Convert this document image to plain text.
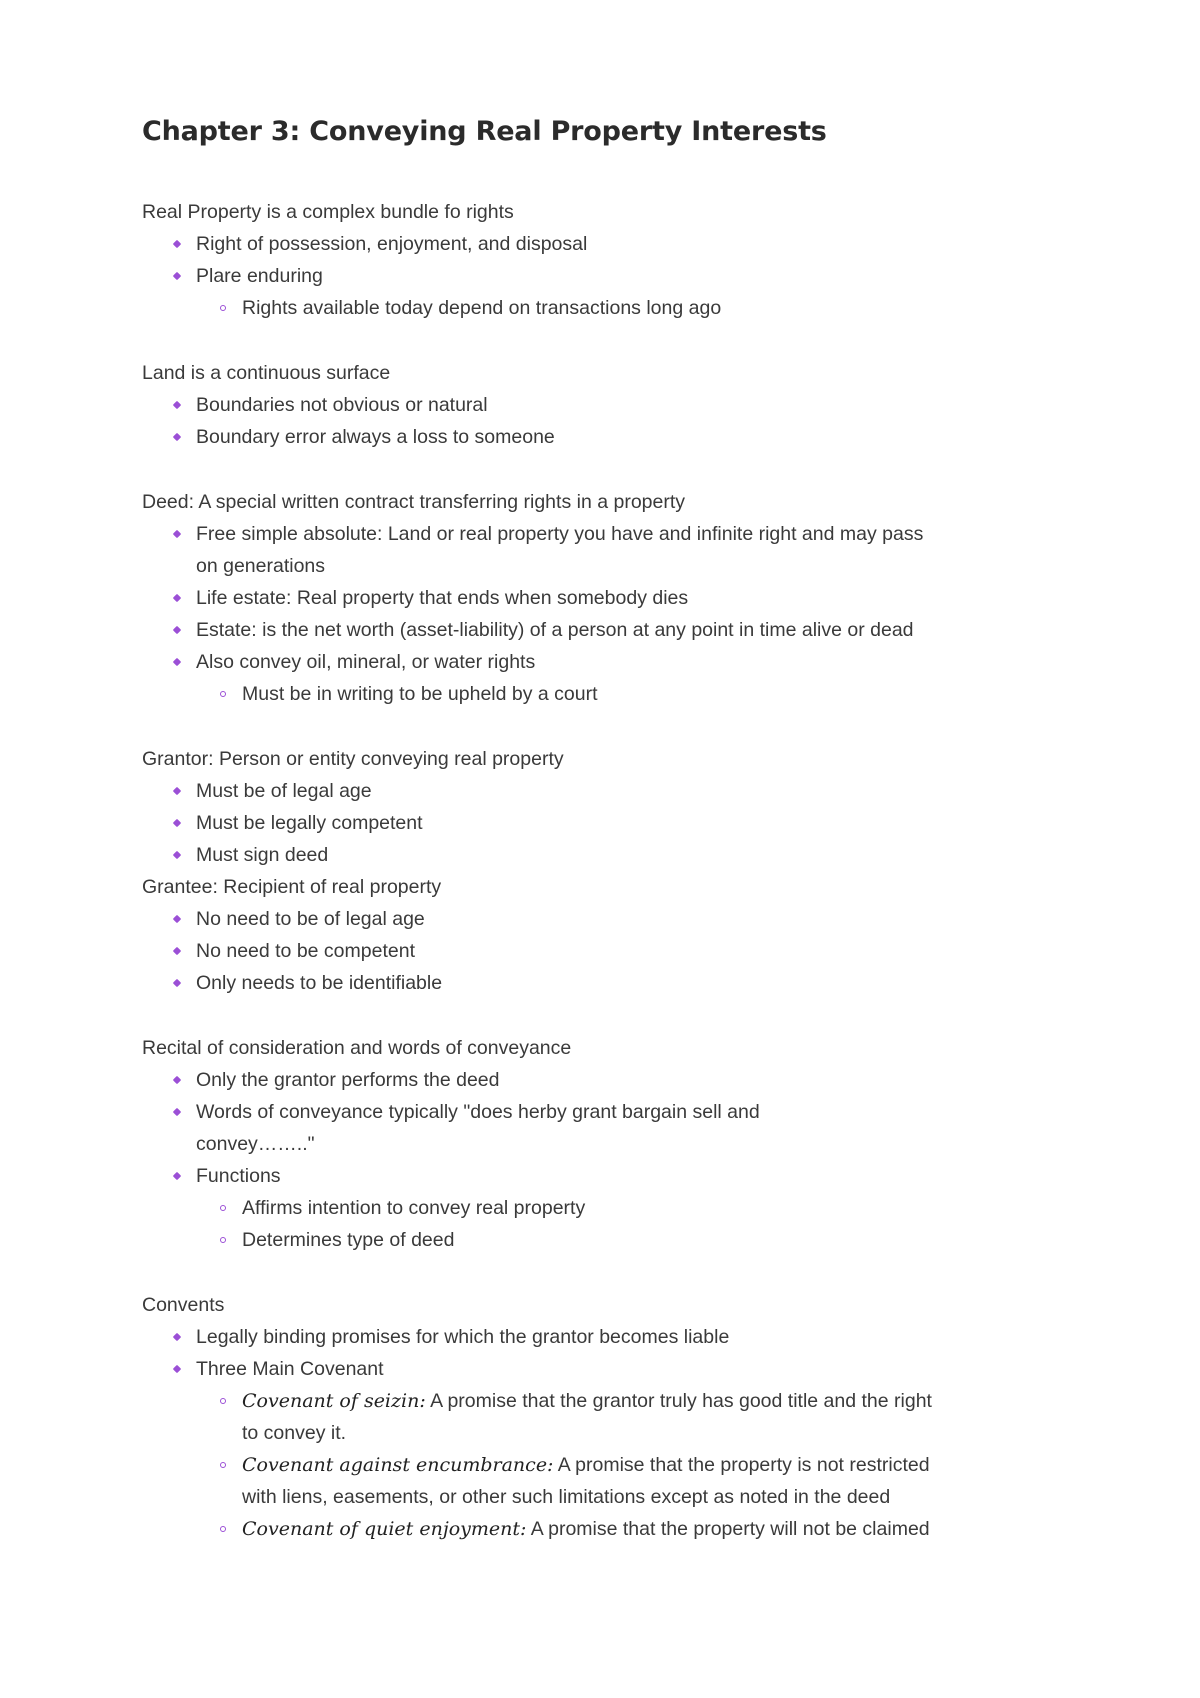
Chapter 3: Conveying Real Property Interests

Real Property is a complex bundle fo rights

Right of possession, enjoyment, and disposal
Plare enduring
Rights available today depend on transactions long ago

Land is a continuous surface

Boundaries not obvious or natural
Boundary error always a loss to someone

Deed: A special written contract transferring rights in a property

Free simple absolute: Land or real property you have and infinite right and may pass on generations
Life estate: Real property that ends when somebody dies
Estate: is the net worth (asset-liability) of a person at any point in time alive or dead
Also convey oil, mineral, or water rights
Must be in writing to be upheld by a court

Grantor: Person or entity conveying real property

Must be of legal age
Must be legally competent
Must sign deed

Grantee: Recipient of real property

No need to be of legal age
No need to be competent
Only needs to be identifiable

Recital of consideration and words of conveyance

Only the grantor performs the deed
Words of conveyance typically "does herby grant bargain sell and convey…….."
Functions
Affirms intention to convey real property
Determines type of deed

Convents

Legally binding promises for which the grantor becomes liable
Three Main Covenant
Covenant of seizin: A promise that the grantor truly has good title and the right to convey it.
Covenant against encumbrance: A promise that the property is not restricted with liens, easements, or other such limitations except as noted in the deed
Covenant of quiet enjoyment: A promise that the property will not be claimed
